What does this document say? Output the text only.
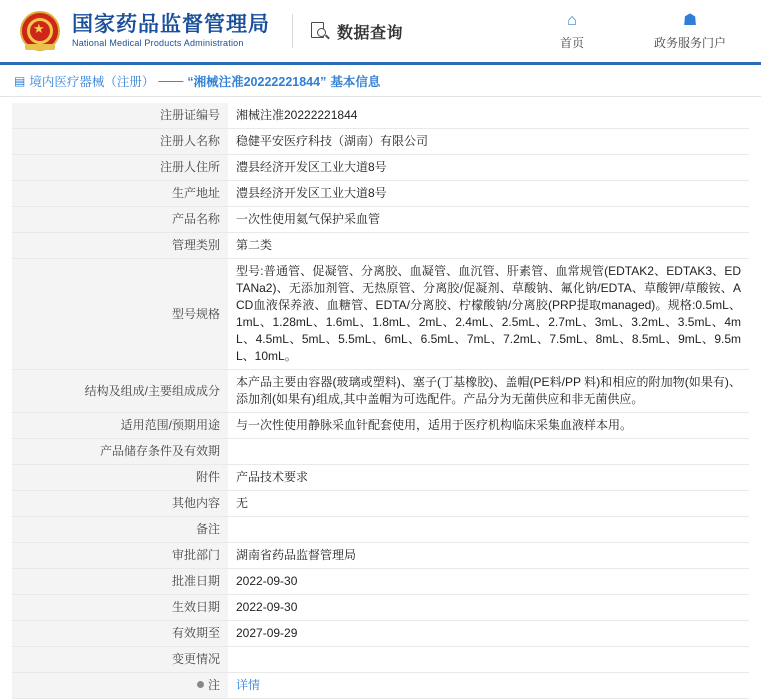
★ 国家药品监督管理局
National Medical Products Administration
数据查询
⌂
首页
☗
政务服务门户
▤ 境内医疗器械（注册） —— “湘械注准20222221844” 基本信息
注册证编号	湘械注准20222221844
注册人名称	稳健平安医疗科技（湖南）有限公司
注册人住所	澧县经济开发区工业大道8号
生产地址	澧县经济开发区工业大道8号
产品名称	一次性使用氦气保护采血管
管理类别	第二类
型号规格	型号:普通管、促凝管、分离胶、血凝管、血沉管、肝素管、血常规管(EDTAK2、EDTAK3、EDTANa2)、无添加剂管、无热原管、分离胶/促凝剂、草酸钠、氟化钠/EDTA、草酸钾/草酸铵、ACD血液保养液、血糖管、EDTA/分离胶、柠檬酸钠/分离胶(PRP提取managed)。规格:0.5mL、1mL、1.28mL、1.6mL、1.8mL、2mL、2.4mL、2.5mL、2.7mL、3mL、3.2mL、3.5mL、4mL、4.5mL、5mL、5.5mL、6mL、6.5mL、7mL、7.2mL、7.5mL、8mL、8.5mL、9mL、9.5mL、10mL。
结构及组成/主要组成成分	本产品主要由容器(玻璃或塑料)、塞子(丁基橡胶)、盖帽(PE料/PP 料)和相应的附加物(如果有)、添加剂(如果有)组成,其中盖帽为可选配件。产品分为无菌供应和非无菌供应。
适用范围/预期用途	与一次性使用静脉采血针配套使用，适用于医疗机构临床采集血液样本用。
产品储存条件及有效期	
附件	产品技术要求
其他内容	无
备注	
审批部门	湖南省药品监督管理局
批准日期	2022-09-30
生效日期	2022-09-30
有效期至	2027-09-29
变更情况	
注	详情
